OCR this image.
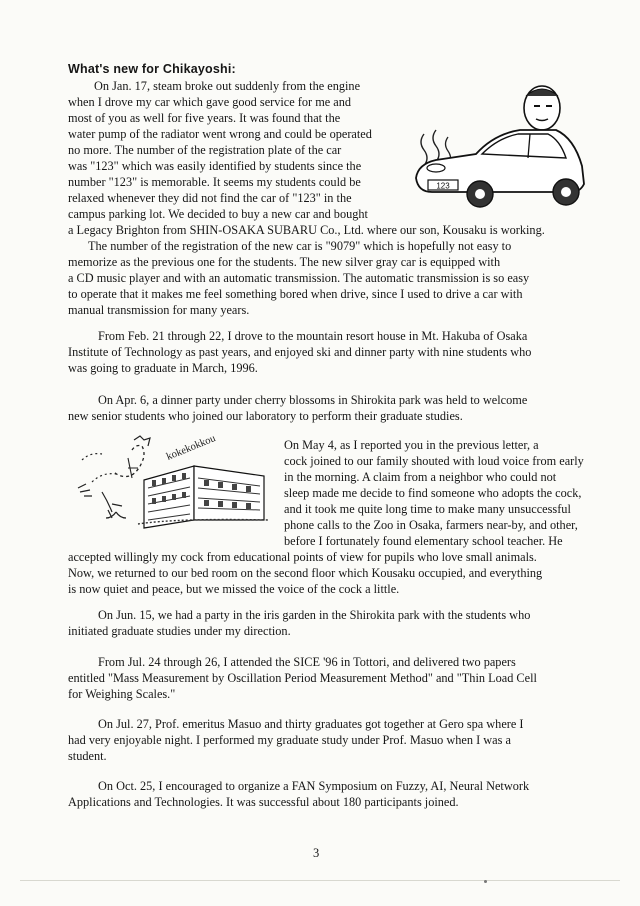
What's new for Chikayoshi:
On Jan. 17, steam broke out suddenly from the engine
when I drove my car which gave good service for me and
most of you as well for five years. It was found that the
water pump of the radiator went wrong and could be operated
no more. The number of the registration plate of the car
was "123" which was easily identified by students since the
number "123" is memorable. It seems my students could be
relaxed whenever they did not find the car of "123" in the
campus parking lot. We decided to buy a new car and bought
a Legacy Brighton from SHIN-OSAKA SUBARU Co., Ltd. where our son, Kousaku is working.
The number of the registration of the new car is "9079" which is hopefully not easy to
memorize as the previous one for the students. The new silver gray car is equipped with
a CD music player and with an automatic transmission. The automatic transmission is so easy
to operate that it makes me feel something bored when drive, since I used to drive a car with
manual transmission for many years.
123
From Feb. 21 through 22, I drove to the mountain resort house in Mt. Hakuba of Osaka
Institute of Technology as past years, and enjoyed ski and dinner party with nine students who
was going to graduate in March, 1996.
On Apr. 6, a dinner party under cherry blossoms in Shirokita park was held to welcome
new senior students who joined our laboratory to perform their graduate studies.
kokekokkou	On May 4, as I reported you in the previous letter, a
cock joined to our family shouted with loud voice from early
in the morning. A claim from a neighbor who could not
sleep made me decide to find someone who adopts the cock,
and it took me quite long time to make many unsuccessful
phone calls to the Zoo in Osaka, farmers near-by, and other,
before I fortunately found elementary school teacher. He
accepted willingly my cock from educational points of view for pupils who love small animals.
Now, we returned to our bed room on the second floor which Kousaku occupied, and everything
is now quiet and peace, but we missed the voice of the cock a little.
On Jun. 15, we had a party in the iris garden in the Shirokita park with the students who
initiated graduate studies under my direction.
From Jul. 24 through 26, I attended the SICE '96 in Tottori, and delivered two papers
entitled "Mass Measurement by Oscillation Period Measurement Method" and "Thin Load Cell
for Weighing Scales."
On Jul. 27, Prof. emeritus Masuo and thirty graduates got together at Gero spa where I
had very enjoyable night. I performed my graduate study under Prof. Masuo when I was a
student.
On Oct. 25, I encouraged to organize a FAN Symposium on Fuzzy, AI, Neural Network
Applications and Technologies. It was successful about 180 participants joined.
3
